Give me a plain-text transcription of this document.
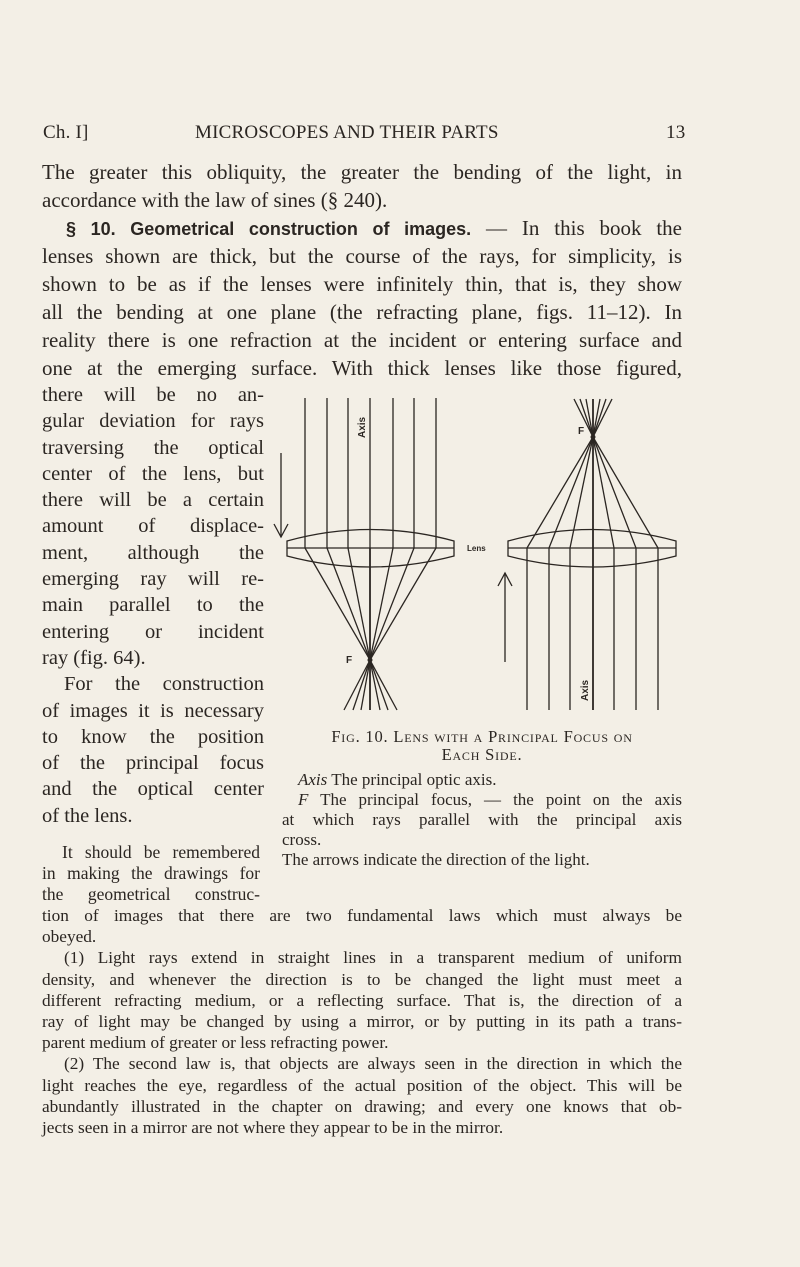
Ch. I]	MICROSCOPES AND THEIR PARTS	13
The greater this obliquity, the greater the bending of the light, in
accordance with the law of sines (§ 240).
§ 10. Geometrical construction of images. — In this book the
lenses shown are thick, but the course of the rays, for simplicity, is
shown to be as if the lenses were infinitely thin, that is, they show
all the bending at one plane (the refracting plane, figs. 11–12). In
reality there is one refraction at the incident or entering surface and
one at the emerging surface. With thick lenses like those figured,
there will be no an-
gular deviation for rays
traversing the optical
center of the lens, but
there will be a certain
amount of displace-
ment, although the
emerging ray will re-
main parallel to the
entering or incident
ray (fig. 64).
For the construction
of images it is necessary
to know the position
of the principal focus
and the optical center
of the lens.
It should be remembered
in making the drawings for
the geometrical construc-
Axis
Axis
F
F
Lens
Fig. 10. Lens with a Principal Focus on
Each Side.
Axis The principal optic axis.
F The principal focus, — the point on the axis
at which rays parallel with the principal axis
cross.
The arrows indicate the direction of the light.
tion of images that there are two fundamental laws which must always be
obeyed.
(1) Light rays extend in straight lines in a transparent medium of uniform
density, and whenever the direction is to be changed the light must meet a
different refracting medium, or a reflecting surface. That is, the direction of a
ray of light may be changed by using a mirror, or by putting in its path a trans-
parent medium of greater or less refracting power.
(2) The second law is, that objects are always seen in the direction in which the
light reaches the eye, regardless of the actual position of the object. This will be
abundantly illustrated in the chapter on drawing; and every one knows that ob-
jects seen in a mirror are not where they appear to be in the mirror.
